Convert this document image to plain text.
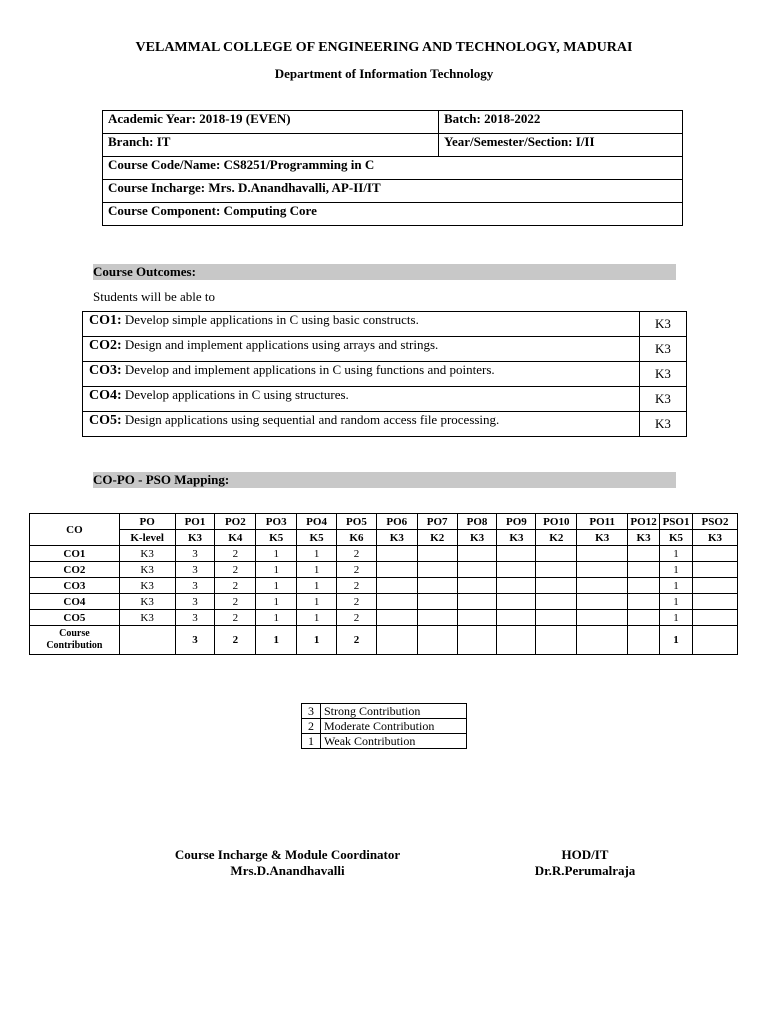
VELAMMAL COLLEGE OF ENGINEERING AND TECHNOLOGY, MADURAI
Department of Information Technology
Academic Year: 2018-19 (EVEN)	Batch: 2018-2022
Branch: IT	Year/Semester/Section: I/II
Course Code/Name: CS8251/Programming in C	
Course Incharge: Mrs. D.Anandhavalli, AP-II/IT	
Course Component: Computing Core	
Course Outcomes:
Students will be able to
CO1: Develop simple applications in C using basic constructs.	K3
CO2: Design and implement applications using arrays and strings.	K3
CO3: Develop and implement applications in C using functions and pointers.	K3
CO4: Develop applications in C using structures.	K3
CO5: Design applications using sequential and random access file processing.	K3
CO-PO - PSO Mapping:
CO	PO	PO1	PO2	PO3	PO4	PO5	PO6	PO7	PO8	PO9	PO10	PO11	PO12	PSO1	PSO2
	K-level	K3	K4	K5	K5	K6	K3	K2	K3	K3	K2	K3	K3	K5	K3
CO1	K3	3	2	1	1	2								1	
CO2	K3	3	2	1	1	2								1	
CO3	K3	3	2	1	1	2								1	
CO4	K3	3	2	1	1	2								1	
CO5	K3	3	2	1	1	2								1	

Course
Contribution		3	2	1	1	2								1	
3	Strong Contribution
2	Moderate Contribution
1	Weak Contribution
Course Incharge & Module Coordinator
Mrs.D.Anandhavalli
HOD/IT
Dr.R.Perumalraja
